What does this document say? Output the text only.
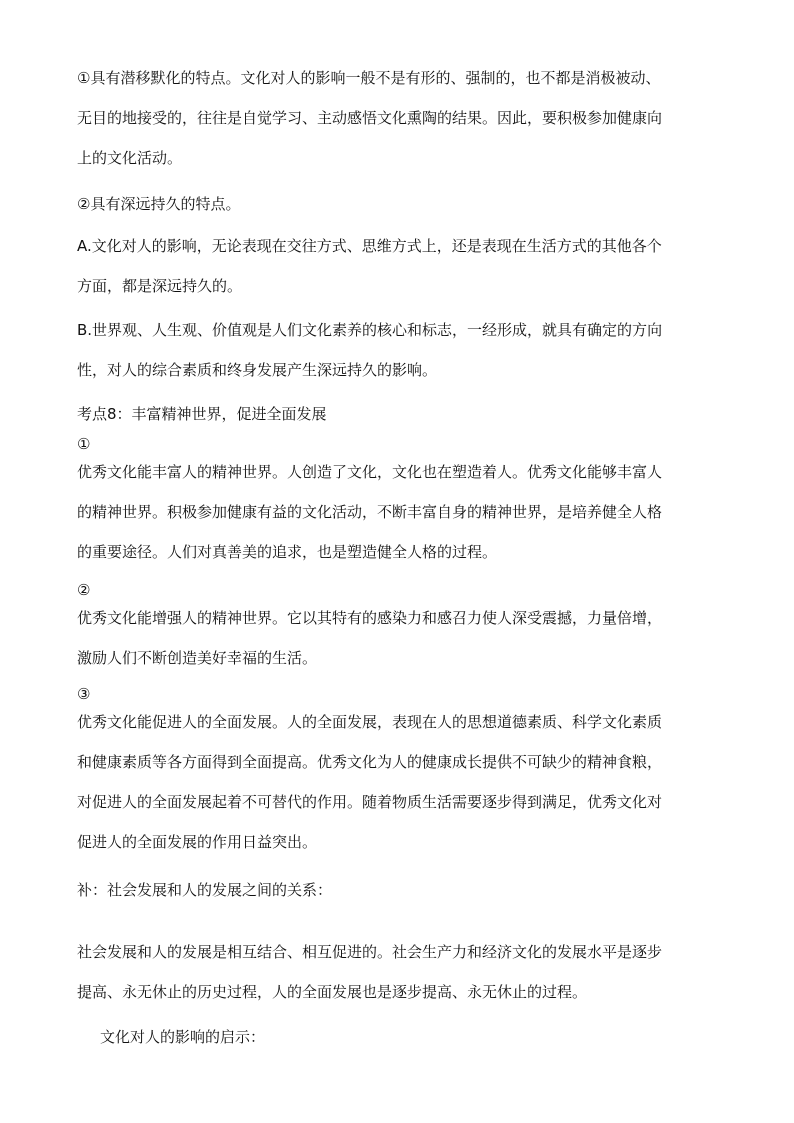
①具有潜移默化的特点。文化对人的影响一般不是有形的、强制的，也不都是消极被动、
无目的地接受的，往往是自觉学习、主动感悟文化熏陶的结果。因此，要积极参加健康向
上的文化活动。
②具有深远持久的特点。
A.文化对人的影响，无论表现在交往方式、思维方式上，还是表现在生活方式的其他各个
方面，都是深远持久的。
B.世界观、人生观、价值观是人们文化素养的核心和标志，一经形成，就具有确定的方向
性，对人的综合素质和终身发展产生深远持久的影响。
考点8：丰富精神世界，促进全面发展
①
优秀文化能丰富人的精神世界。人创造了文化，文化也在塑造着人。优秀文化能够丰富人
的精神世界。积极参加健康有益的文化活动，不断丰富自身的精神世界，是培养健全人格
的重要途径。人们对真善美的追求，也是塑造健全人格的过程。
②
优秀文化能增强人的精神世界。它以其特有的感染力和感召力使人深受震撼，力量倍增，
激励人们不断创造美好幸福的生活。
③
优秀文化能促进人的全面发展。人的全面发展，表现在人的思想道德素质、科学文化素质
和健康素质等各方面得到全面提高。优秀文化为人的健康成长提供不可缺少的精神食粮，
对促进人的全面发展起着不可替代的作用。随着物质生活需要逐步得到满足，优秀文化对
促进人的全面发展的作用日益突出。
补：社会发展和人的发展之间的关系：
社会发展和人的发展是相互结合、相互促进的。社会生产力和经济文化的发展水平是逐步
提高、永无休止的历史过程，人的全面发展也是逐步提高、永无休止的过程。
文化对人的影响的启示：
